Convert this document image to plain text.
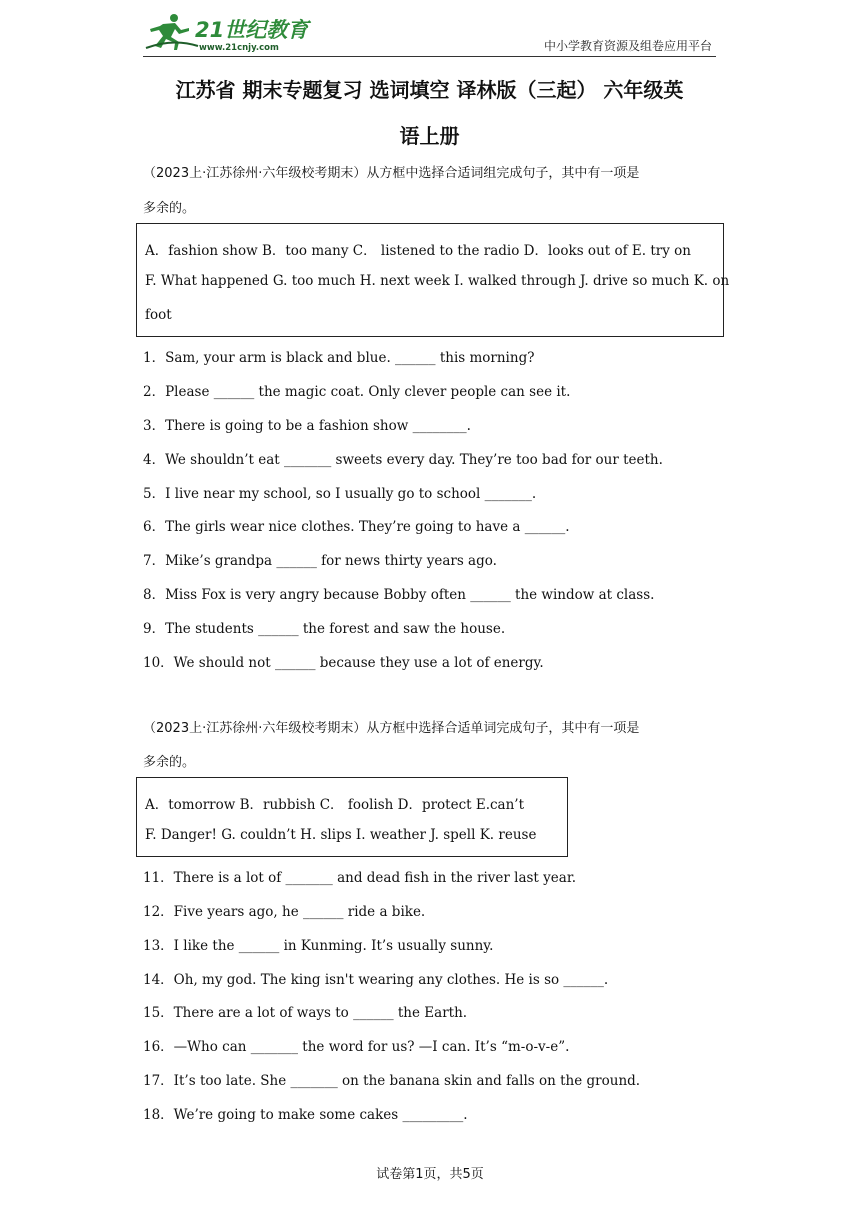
21世纪教育
www.21cnjy.com	中小学教育资源及组卷应用平台
江苏省 期末专题复习 选词填空 译林版（三起） 六年级英
语上册
（2023上·江苏徐州·六年级校考期末）从方框中选择合适词组完成句子，其中有一项是
多余的。
A．fashion show B．too many C． listened to the radio D．looks out of E. try on
F. What happened G. too much H. next week I. walked through J. drive so much K. on
foot
1．Sam, your arm is black and blue. ______ this morning?
2．Please ______ the magic coat. Only clever people can see it.
3．There is going to be a fashion show ________.
4．We shouldn’t eat _______ sweets every day. They’re too bad for our teeth.
5．I live near my school, so I usually go to school _______.
6．The girls wear nice clothes. They’re going to have a ______.
7．Mike’s grandpa ______ for news thirty years ago.
8．Miss Fox is very angry because Bobby often ______ the window at class.
9．The students ______ the forest and saw the house.
10．We should not ______ because they use a lot of energy.
（2023上·江苏徐州·六年级校考期末）从方框中选择合适单词完成句子，其中有一项是
多余的。
A．tomorrow B．rubbish C． foolish D．protect E.can’t
F. Danger! G. couldn’t H. slips I. weather J. spell K. reuse
11．There is a lot of _______ and dead fish in the river last year.
12．Five years ago, he ______ ride a bike.
13．I like the ______ in Kunming. It’s usually sunny.
14．Oh, my god. The king isn't wearing any clothes. He is so ______.
15．There are a lot of ways to ______ the Earth.
16．—Who can _______ the word for us? —I can. It’s “m-o-v-e”.
17．It’s too late. She _______ on the banana skin and falls on the ground.
18．We’re going to make some cakes _________.
试卷第1页，共5页
